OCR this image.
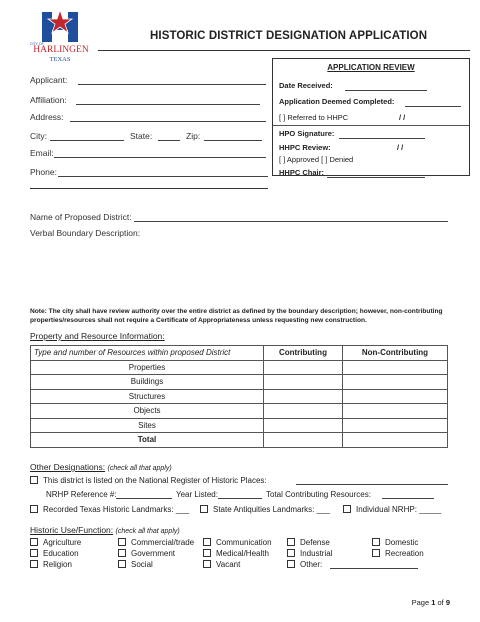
CITY OF
HARLINGEN
TEXAS
HISTORIC DISTRICT DESIGNATION APPLICATION
Applicant:
Affiliation:
Address:
City:	State:	Zip:
Email:
Phone:
APPLICATION REVIEW
Date Received:
Application Deemed Completed:
[ ] Referred to HHPC	/ /
HPO Signature:
HHPC Review:	/ /
[ ] Approved [ ] Denied
HHPC Chair:
Name of Proposed District:
Verbal Boundary Description:
Note: The city shall have review authority over the entire district as defined by the boundary description; however, non-contributing properties/resources shall not require a Certificate of Appropriateness unless requesting new construction.
Property and Resource Information:
Type and number of Resources within proposed District	Contributing	Non-Contributing
Properties		
Buildings		
Structures		
Objects		
Sites		
Total		
Other Designations: (check all that apply)
This district is listed on the National Register of Historic Places:
NRHP Reference #:	Year Listed:	Total Contributing Resources:
Recorded Texas Historic Landmarks: ___	State Antiquities Landmarks: ___	Individual NRHP: _____
Historic Use/Function: (check all that apply)
Agriculture
Education
Religion
Commercial/trade
Government
Social
Communication
Medical/Health
Vacant
Defense
Industrial
Other:
Domestic
Recreation
Page 1 of 9
